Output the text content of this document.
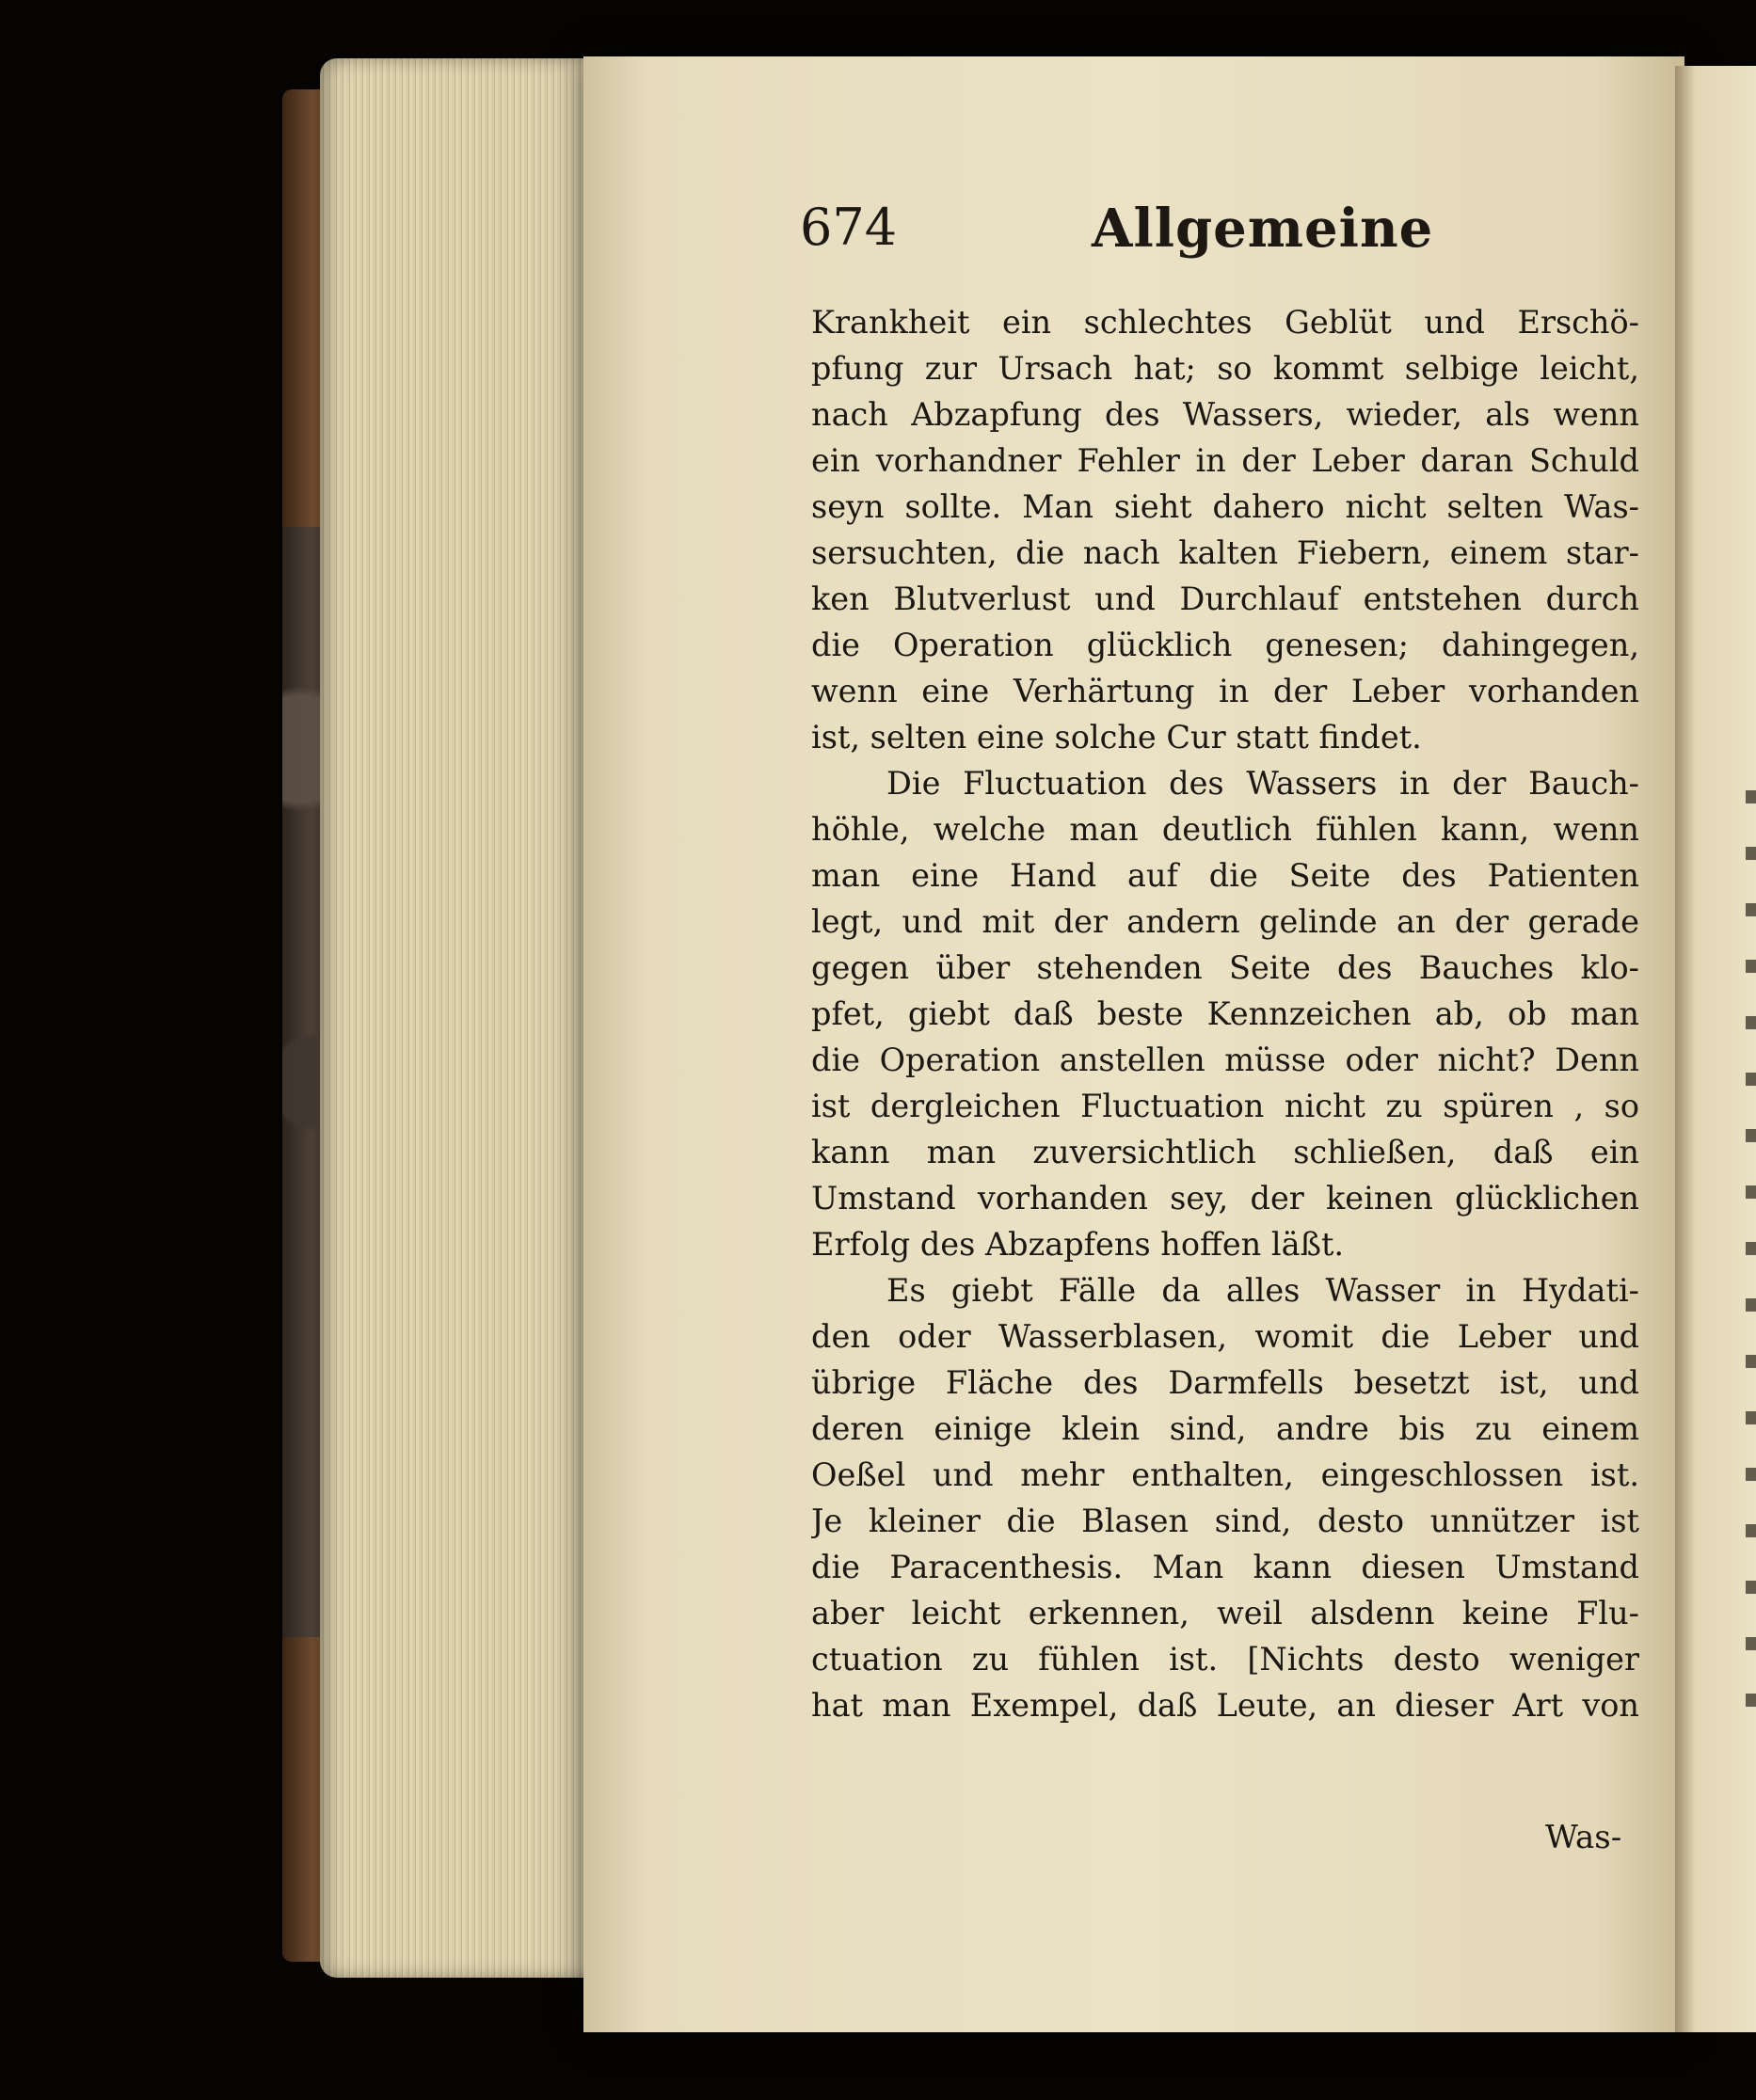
674	Allgemeine
Krankheit ein schlechtes Geblüt und Erschö-
pfung zur Ursach hat; so kommt selbige leicht,
nach Abzapfung des Wassers, wieder, als wenn
ein vorhandner Fehler in der Leber daran Schuld
seyn sollte. Man sieht dahero nicht selten Was-
sersuchten, die nach kalten Fiebern, einem star-
ken Blutverlust und Durchlauf entstehen durch
die Operation glücklich genesen; dahingegen,
wenn eine Verhärtung in der Leber vorhanden
ist, selten eine solche Cur statt findet.
Die Fluctuation des Wassers in der Bauch-
höhle, welche man deutlich fühlen kann, wenn
man eine Hand auf die Seite des Patienten
legt, und mit der andern gelinde an der gerade
gegen über stehenden Seite des Bauches klo-
pfet, giebt daß beste Kennzeichen ab, ob man
die Operation anstellen müsse oder nicht? Denn
ist dergleichen Fluctuation nicht zu spüren , so
kann man zuversichtlich schließen, daß ein
Umstand vorhanden sey, der keinen glücklichen
Erfolg des Abzapfens hoffen läßt.
Es giebt Fälle da alles Wasser in Hydati-
den oder Wasserblasen, womit die Leber und
übrige Fläche des Darmfells besetzt ist, und
deren einige klein sind, andre bis zu einem
Oeßel und mehr enthalten, eingeschlossen ist.
Je kleiner die Blasen sind, desto unnützer ist
die Paracenthesis. Man kann diesen Umstand
aber leicht erkennen, weil alsdenn keine Flu-
ctuation zu fühlen ist. [Nichts desto weniger
hat man Exempel, daß Leute, an dieser Art von
Was-
